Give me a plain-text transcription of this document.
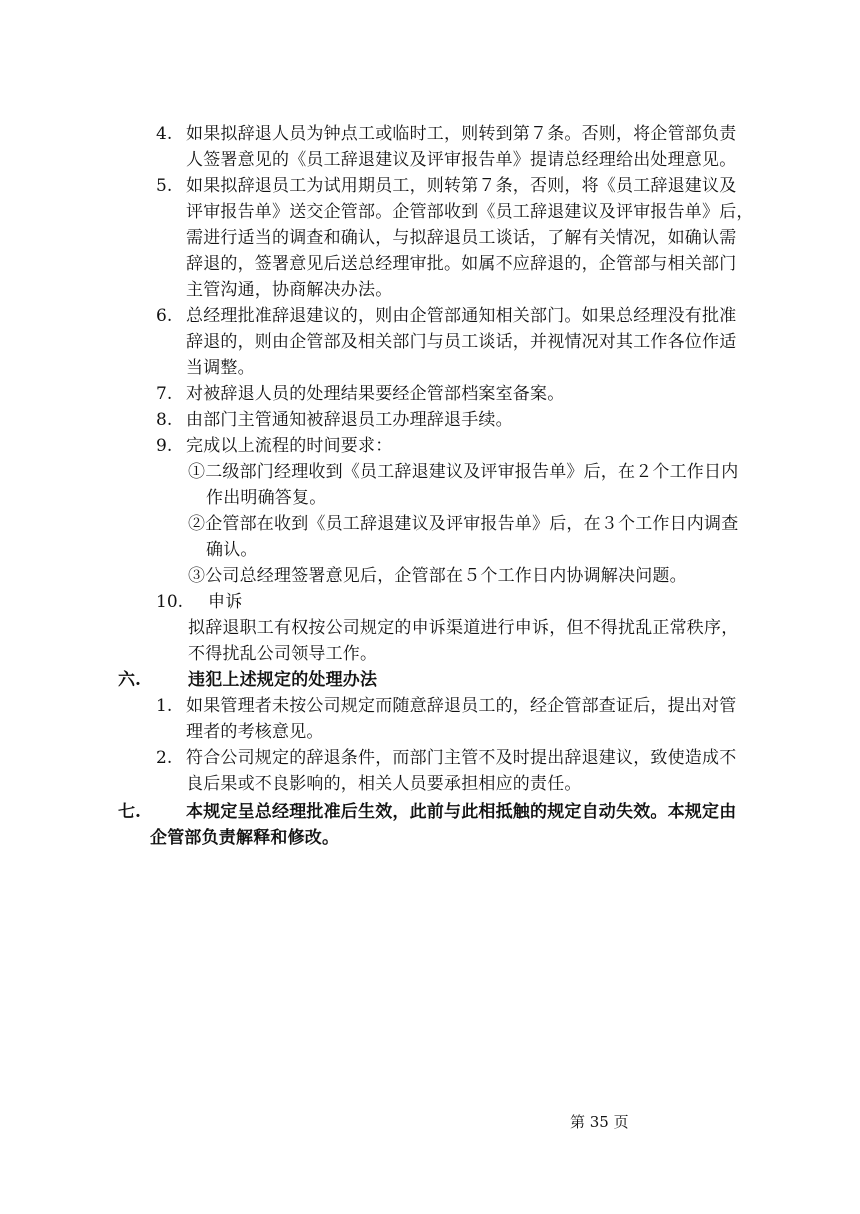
4. 如果拟辞退人员为钟点工或临时工，则转到第７条。否则，将企管部负责
人签署意见的《员工辞退建议及评审报告单》提请总经理给出处理意见。
5. 如果拟辞退员工为试用期员工，则转第７条，否则，将《员工辞退建议及
评审报告单》送交企管部。企管部收到《员工辞退建议及评审报告单》后，
需进行适当的调查和确认，与拟辞退员工谈话，了解有关情况，如确认需
辞退的，签署意见后送总经理审批。如属不应辞退的，企管部与相关部门
主管沟通，协商解决办法。
6. 总经理批准辞退建议的，则由企管部通知相关部门。如果总经理没有批准
辞退的，则由企管部及相关部门与员工谈话，并视情况对其工作各位作适
当调整。
7. 对被辞退人员的处理结果要经企管部档案室备案。
8. 由部门主管通知被辞退员工办理辞退手续。
9. 完成以上流程的时间要求：
①二级部门经理收到《员工辞退建议及评审报告单》后，在２个工作日内
作出明确答复。
②企管部在收到《员工辞退建议及评审报告单》后，在３个工作日内调查
确认。
③公司总经理签署意见后，企管部在５个工作日内协调解决问题。
10. 申诉
拟辞退职工有权按公司规定的申诉渠道进行申诉，但不得扰乱正常秩序，
不得扰乱公司领导工作。
六.	违犯上述规定的处理办法
1. 如果管理者未按公司规定而随意辞退员工的，经企管部查证后，提出对管
理者的考核意见。
2. 符合公司规定的辞退条件，而部门主管不及时提出辞退建议，致使造成不
良后果或不良影响的，相关人员要承担相应的责任。
七.	本规定呈总经理批准后生效，此前与此相抵触的规定自动失效。本规定由
企管部负责解释和修改。
第 35 页
